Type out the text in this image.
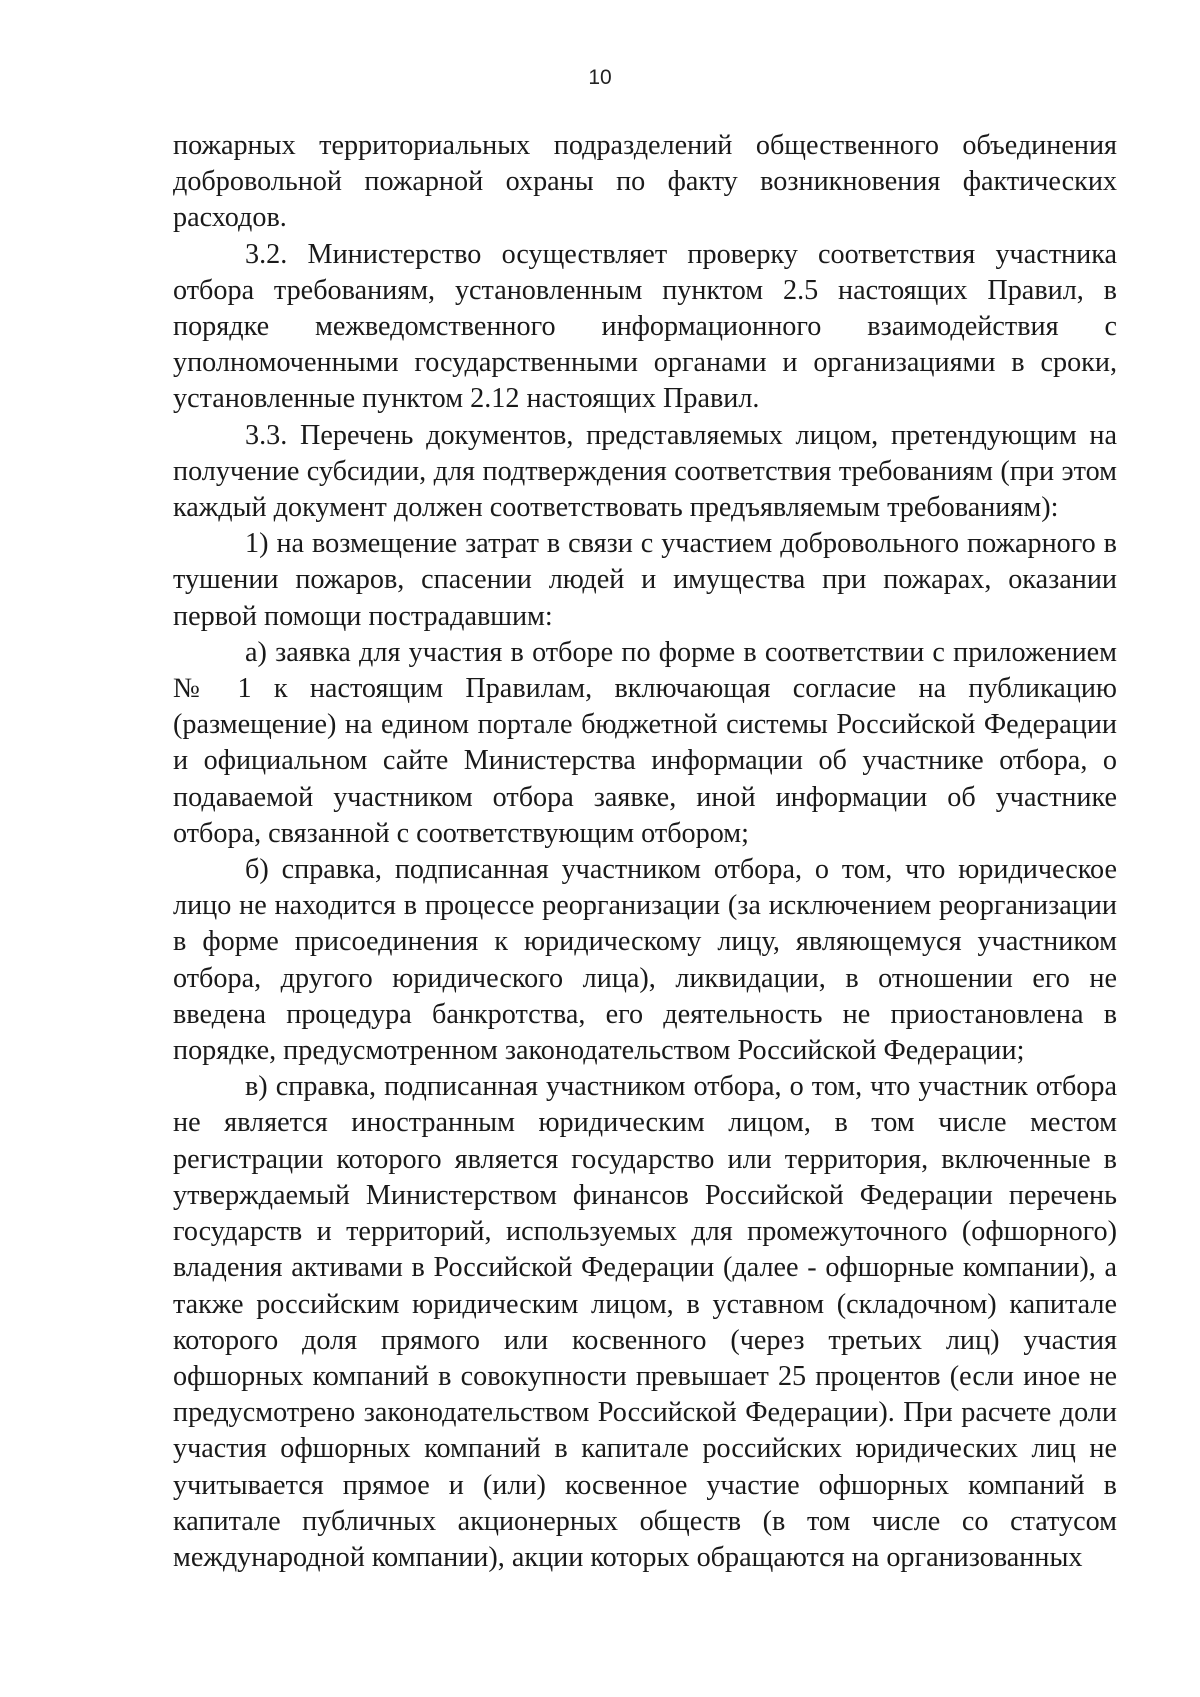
10

пожарных территориальных подразделений общественного объединения добровольной пожарной охраны по факту возникновения фактических расходов.

3.2. Министерство осуществляет проверку соответствия участника отбора требованиям, установленным пунктом 2.5 настоящих Правил, в порядке межведомственного информационного взаимодействия с уполномоченными государственными органами и организациями в сроки, установленные пунктом 2.12 настоящих Правил.

3.3. Перечень документов, представляемых лицом, претендующим на получение субсидии, для подтверждения соответствия требованиям (при этом каждый документ должен соответствовать предъявляемым требованиям):

1) на возмещение затрат в связи с участием добровольного пожарного в тушении пожаров, спасении людей и имущества при пожарах, оказании первой помощи пострадавшим:

а) заявка для участия в отборе по форме в соответствии с приложением № 1 к настоящим Правилам, включающая согласие на публикацию (размещение) на едином портале бюджетной системы Российской Федерации и официальном сайте Министерства информации об участнике отбора, о подаваемой участником отбора заявке, иной информации об участнике отбора, связанной с соответствующим отбором;

б) справка, подписанная участником отбора, о том, что юридическое лицо не находится в процессе реорганизации (за исключением реорганизации в форме присоединения к юридическому лицу, являющемуся участником отбора, другого юридического лица), ликвидации, в отношении его не введена процедура банкротства, его деятельность не приостановлена в порядке, предусмотренном законодательством Российской Федерации;

в) справка, подписанная участником отбора, о том, что участник отбора не является иностранным юридическим лицом, в том числе местом регистрации которого является государство или территория, включенные в утверждаемый Министерством финансов Российской Федерации перечень государств и территорий, используемых для промежуточного (офшорного) владения активами в Российской Федерации (далее - офшорные компании), а также российским юридическим лицом, в уставном (складочном) капитале которого доля прямого или косвенного (через третьих лиц) участия офшорных компаний в совокупности превышает 25 процентов (если иное не предусмотрено законодательством Российской Федерации). При расчете доли участия офшорных компаний в капитале российских юридических лиц не учитывается прямое и (или) косвенное участие офшорных компаний в капитале публичных акционерных обществ (в том числе со статусом международной компании), акции которых обращаются на организованных
